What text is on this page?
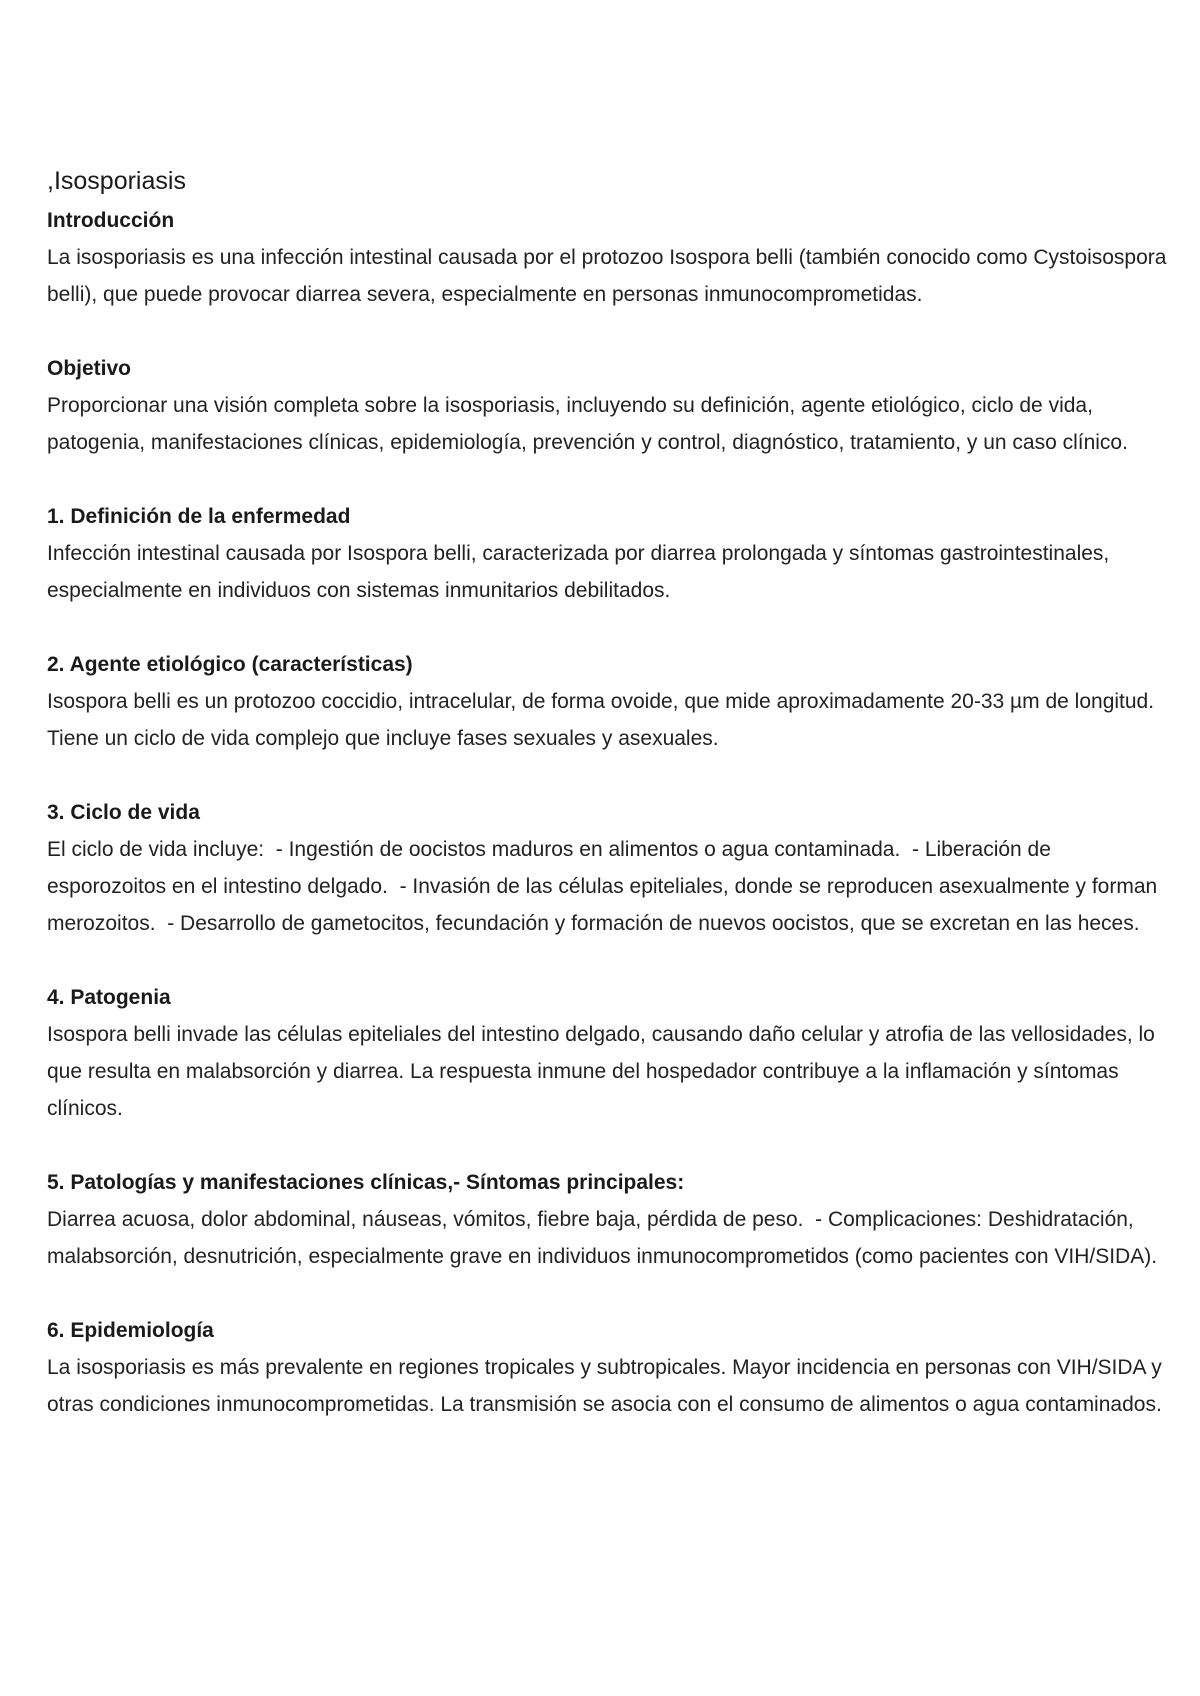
,Isosporiasis

Introducción

La isosporiasis es una infección intestinal causada por el protozoo Isospora belli (también conocido como Cystoisospora belli), que puede provocar diarrea severa, especialmente en personas inmunocomprometidas.

Objetivo

Proporcionar una visión completa sobre la isosporiasis, incluyendo su definición, agente etiológico, ciclo de vida, patogenia, manifestaciones clínicas, epidemiología, prevención y control, diagnóstico, tratamiento, y un caso clínico.

1. Definición de la enfermedad

Infección intestinal causada por Isospora belli, caracterizada por diarrea prolongada y síntomas gastrointestinales, especialmente en individuos con sistemas inmunitarios debilitados.

2. Agente etiológico (características)

Isospora belli es un protozoo coccidio, intracelular, de forma ovoide, que mide aproximadamente 20-33 µm de longitud. Tiene un ciclo de vida complejo que incluye fases sexuales y asexuales.

3. Ciclo de vida

El ciclo de vida incluye:  - Ingestión de oocistos maduros en alimentos o agua contaminada.  - Liberación de esporozoitos en el intestino delgado.  - Invasión de las células epiteliales, donde se reproducen asexualmente y forman merozoitos.  - Desarrollo de gametocitos, fecundación y formación de nuevos oocistos, que se excretan en las heces.

4. Patogenia

Isospora belli invade las células epiteliales del intestino delgado, causando daño celular y atrofia de las vellosidades, lo que resulta en malabsorción y diarrea. La respuesta inmune del hospedador contribuye a la inflamación y síntomas clínicos.

5. Patologías y manifestaciones clínicas,- Síntomas principales:

Diarrea acuosa, dolor abdominal, náuseas, vómitos, fiebre baja, pérdida de peso.  - Complicaciones: Deshidratación, malabsorción, desnutrición, especialmente grave en individuos inmunocomprometidos (como pacientes con VIH/SIDA).

6. Epidemiología

La isosporiasis es más prevalente en regiones tropicales y subtropicales. Mayor incidencia en personas con VIH/SIDA y otras condiciones inmunocomprometidas. La transmisión se asocia con el consumo de alimentos o agua contaminados.
